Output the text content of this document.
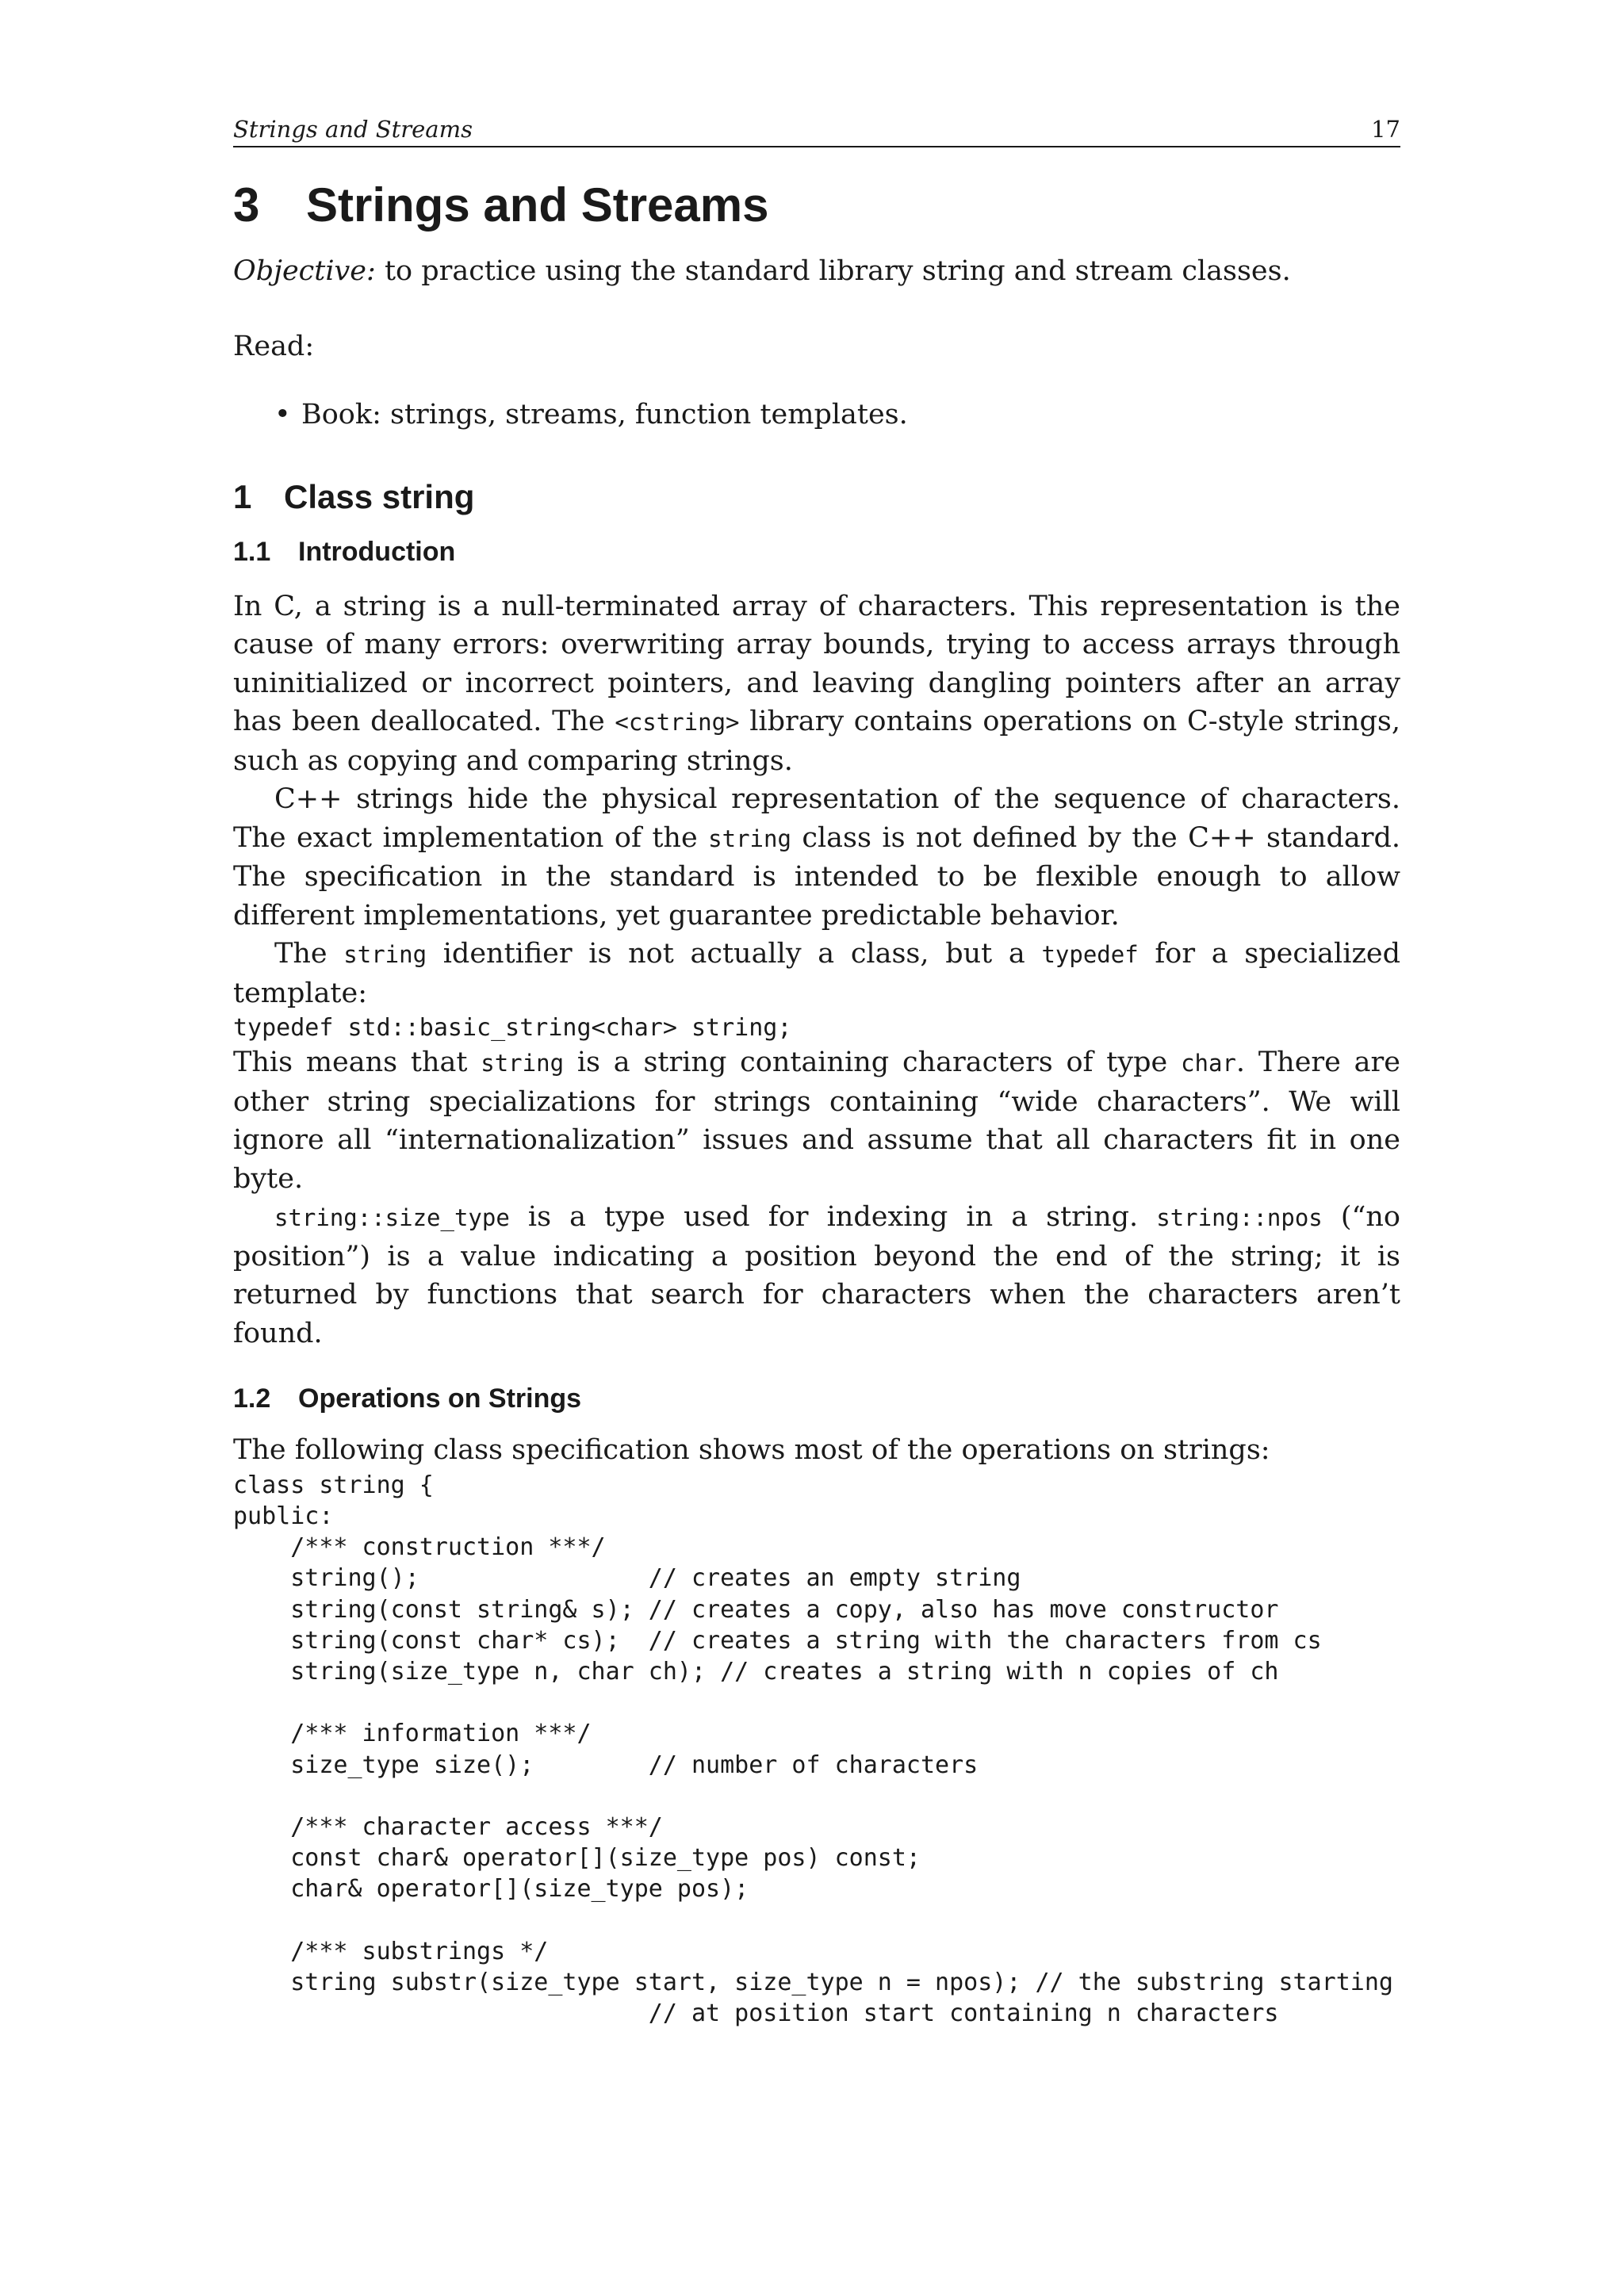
Strings and Streams	17
3 Strings and Streams

Objective: to practice using the standard library string and stream classes.

Read:

• Book: strings, streams, function templates.
1 Class string
1.1 Introduction

In C, a string is a null-terminated array of characters. This representation is the cause of many errors: overwriting array bounds, trying to access arrays through uninitialized or incorrect pointers, and leaving dangling pointers after an array has been deallocated. The <cstring> library contains operations on C-style strings, such as copying and comparing strings.

C++ strings hide the physical representation of the sequence of characters. The exact implementation of the string class is not defined by the C++ standard. The specification in the standard is intended to be flexible enough to allow different implementations, yet guarantee predictable behavior.

The string identifier is not actually a class, but a typedef for a specialized template:

typedef std::basic_string<char> string;

This means that string is a string containing characters of type char. There are other string specializations for strings containing “wide characters”. We will ignore all “internationalization” issues and assume that all characters fit in one byte.

string::size_type is a type used for indexing in a string. string::npos (“no position”) is a value indicating a position beyond the end of the string; it is returned by functions that search for characters when the characters aren’t found.

1.2 Operations on Strings

The following class specification shows most of the operations on strings:

class string {
public:
/*** construction ***/
string();                // creates an empty string
string(const string& s); // creates a copy, also has move constructor
string(const char* cs);  // creates a string with the characters from cs
string(size_type n, char ch); // creates a string with n copies of ch

/*** information ***/
size_type size();        // number of characters

/*** character access ***/
const char& operator[](size_type pos) const;
char& operator[](size_type pos);

/*** substrings */
string substr(size_type start, size_type n = npos); // the substring starting
// at position start containing n characters
